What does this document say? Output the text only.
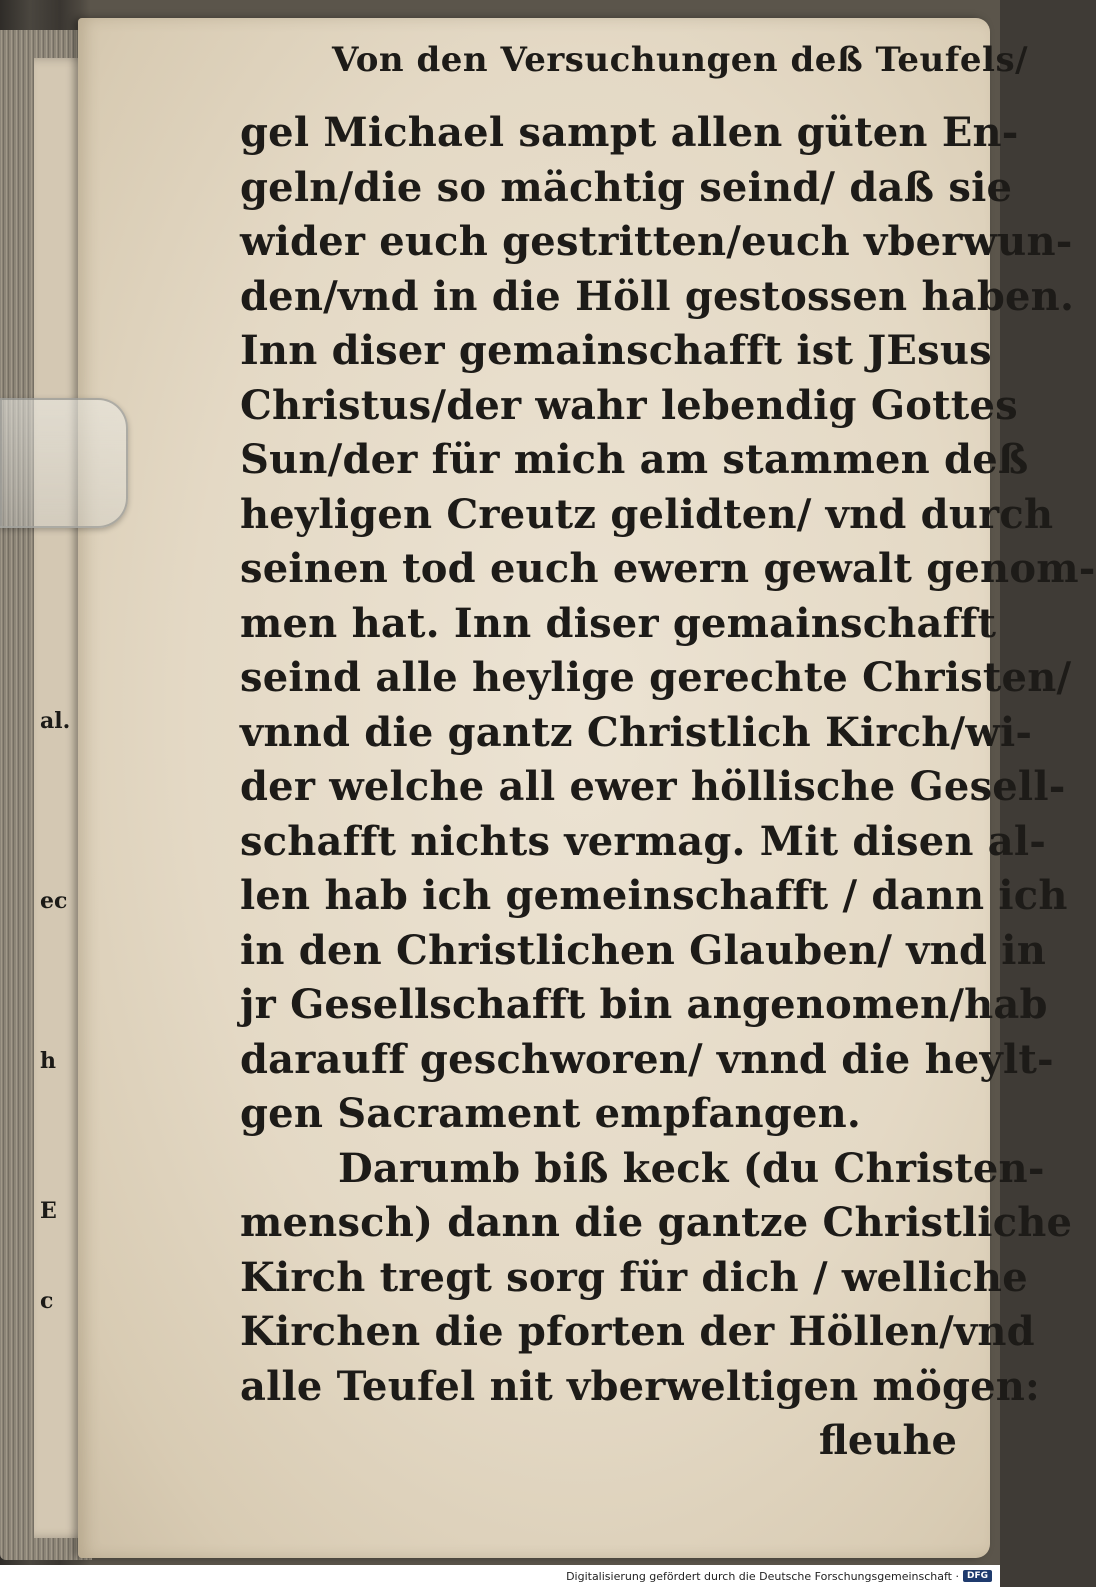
al.
ec
h
E
c
Von den Versuchungen deß Teufels/
gel Michael sampt allen güten En-
geln/die so mächtig seind/ daß sie
wider euch gestritten/euch vberwun-
den/vnd in die Höll gestossen haben.
Inn diser gemainschafft ist JEsus
Christus/der wahr lebendig Gottes
Sun/der für mich am stammen deß
heyligen Creutz gelidten/ vnd durch
seinen tod euch ewern gewalt genom-
men hat. Inn diser gemainschafft
seind alle heylige gerechte Christen/
vnnd die gantz Christlich Kirch/wi-
der welche all ewer höllische Gesell-
schafft nichts vermag. Mit disen al-
len hab ich gemeinschafft / dann ich
in den Christlichen Glauben/ vnd in
jr Gesellschafft bin angenomen/hab
darauff geschworen/ vnnd die heylt-
gen Sacrament empfangen.
Darumb biß keck (du Christen-
mensch) dann die gantze Christliche
Kirch tregt sorg für dich / welliche
Kirchen die pforten der Höllen/vnd
alle Teufel nit vberweltigen mögen:
fleuhe
Digitalisierung gefördert durch die Deutsche Forschungsgemeinschaft · DFG
